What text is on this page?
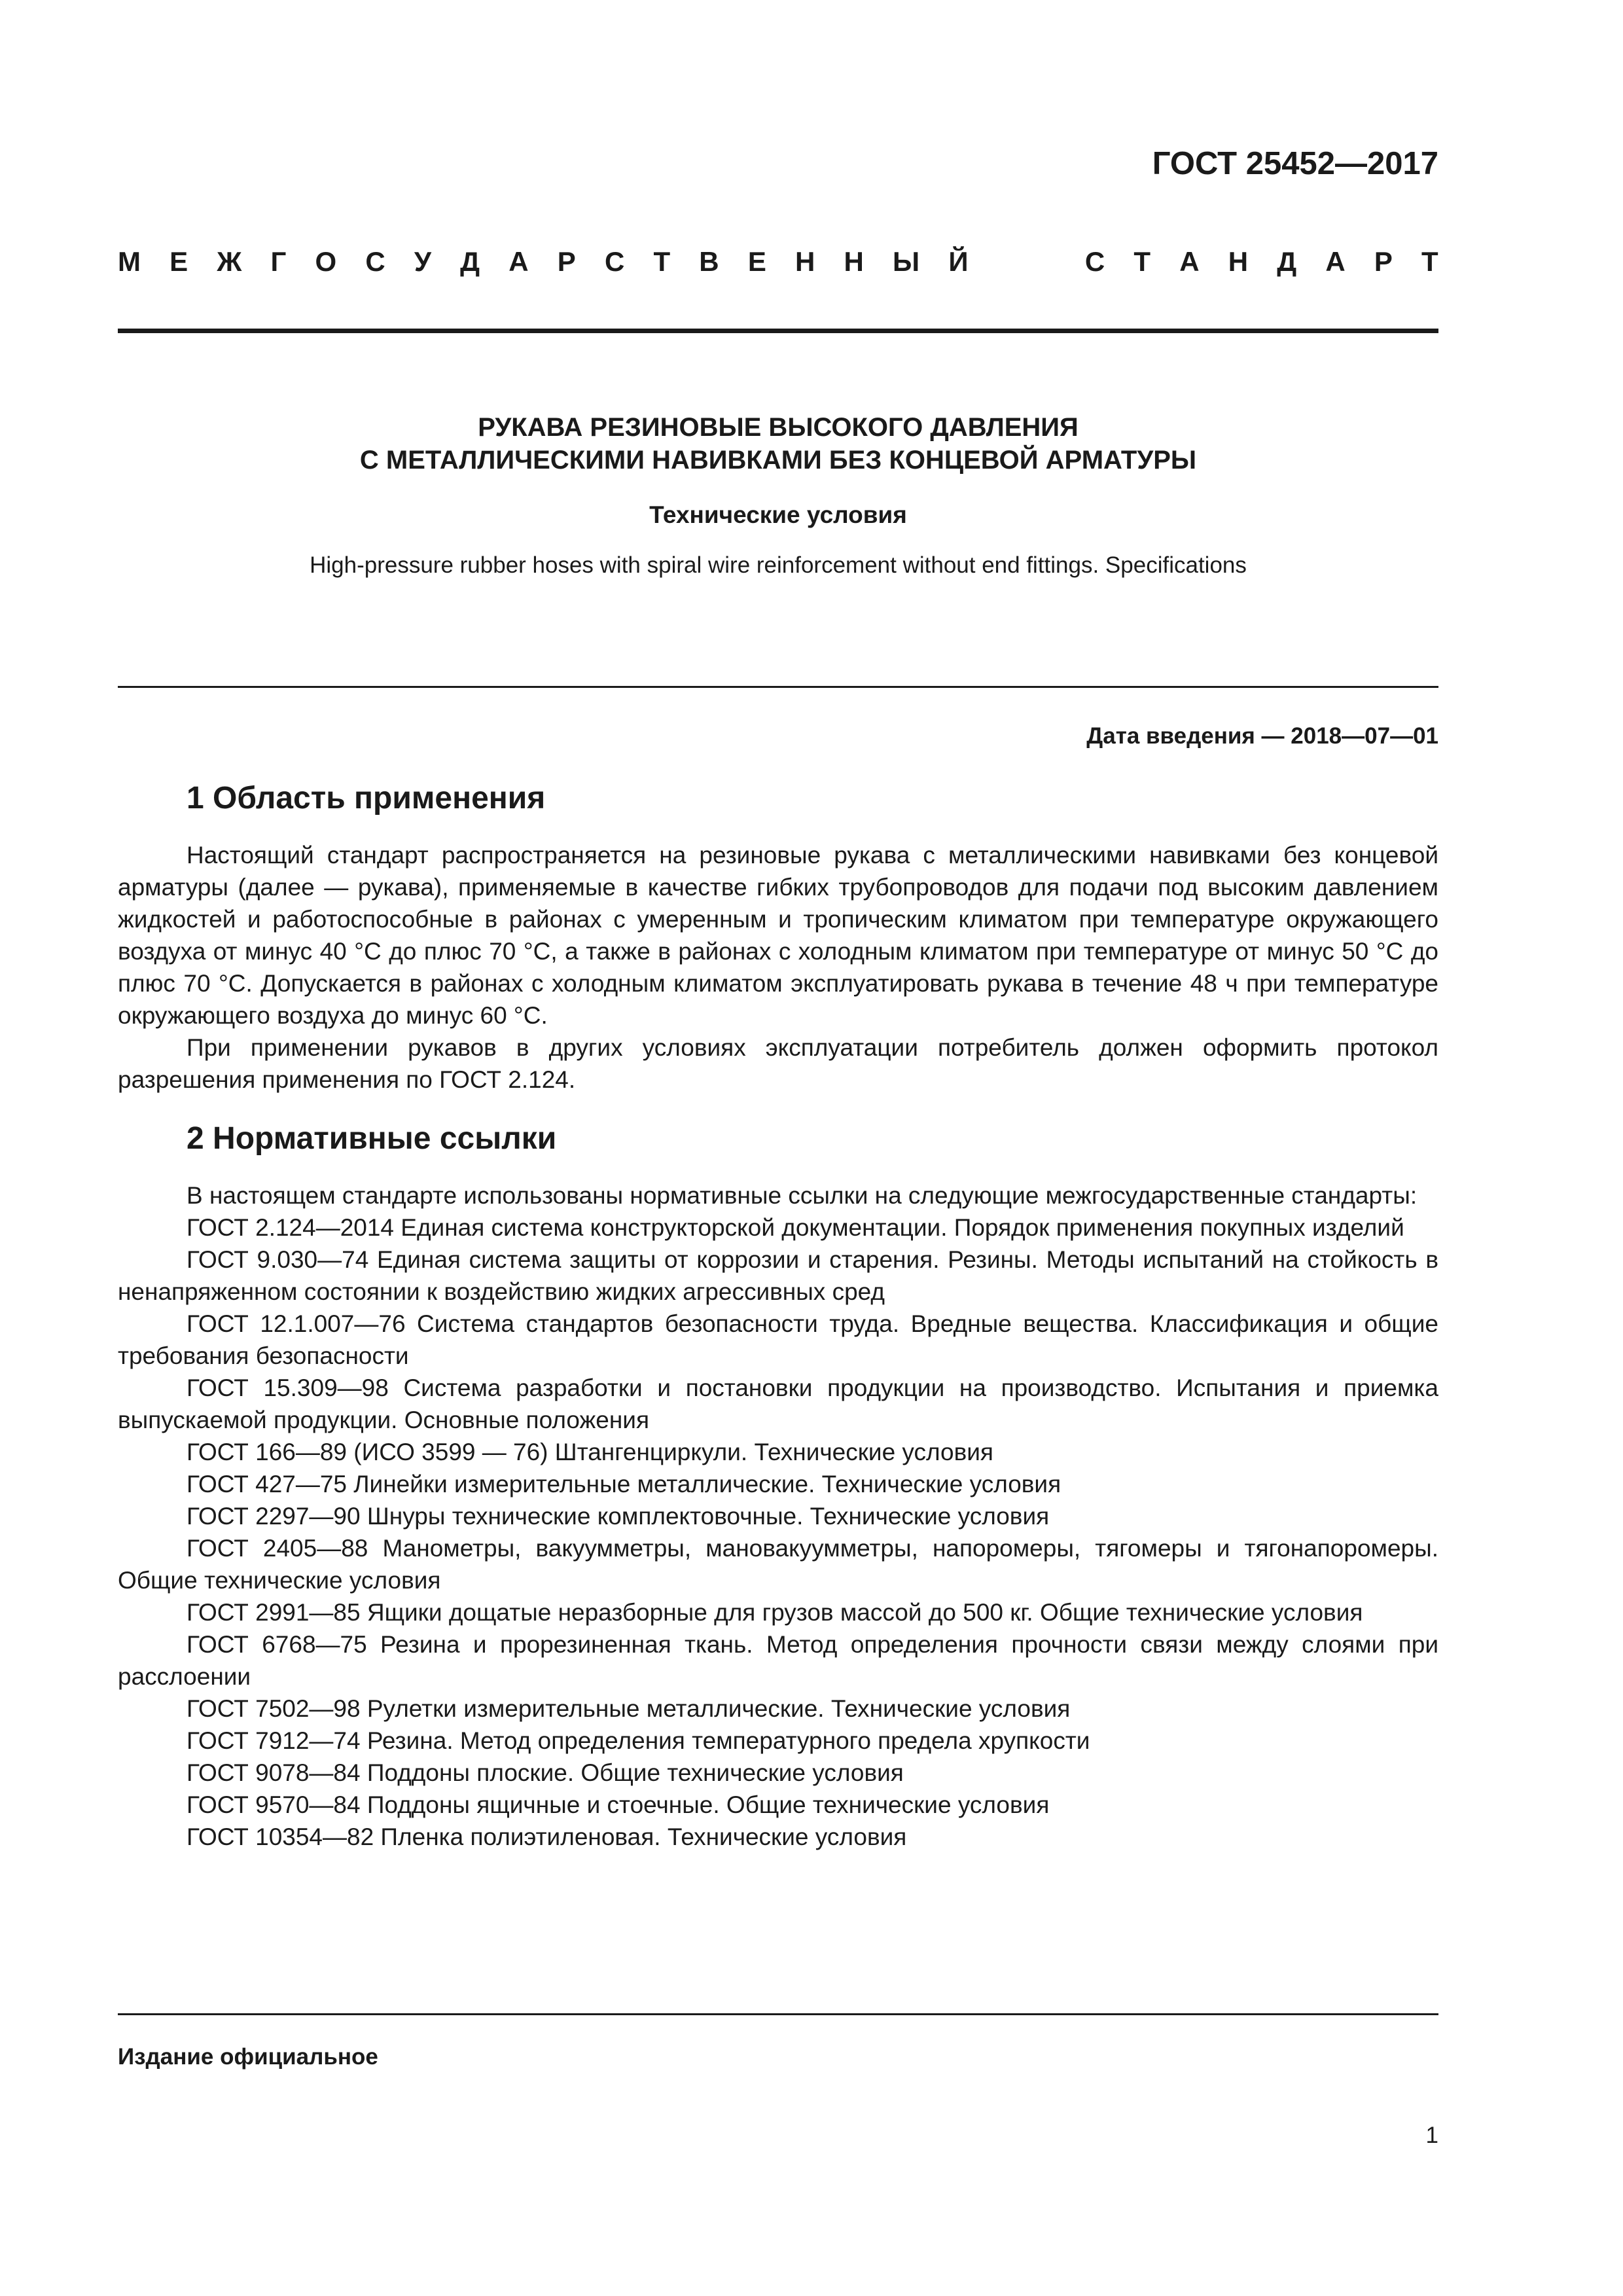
ГОСТ 25452—2017
М Е Ж Г О С У Д А Р С Т В Е Н Н Ы Й	С Т А Н Д А Р Т
РУКАВА РЕЗИНОВЫЕ ВЫСОКОГО ДАВЛЕНИЯ
С МЕТАЛЛИЧЕСКИМИ НАВИВКАМИ БЕЗ КОНЦЕВОЙ АРМАТУРЫ
Технические условия
High-pressure rubber hoses with spiral wire reinforcement without end fittings. Specifications
Дата введения — 2018—07—01
1 Область применения

Настоящий стандарт распространяется на резиновые рукава с металлическими навивками без концевой арматуры (далее — рукава), применяемые в качестве гибких трубопроводов для подачи под высоким давлением жидкостей и работоспособные в районах с умеренным и тропическим климатом при температуре окружающего воздуха от минус 40 °С до плюс 70 °С, а также в районах с холодным климатом при температуре от минус 50 °С до плюс 70 °С. Допускается в районах с холодным климатом эксплуатировать рукава в течение 48 ч при температуре окружающего воздуха до минус 60 °С.

При применении рукавов в других условиях эксплуатации потребитель должен оформить протокол разрешения применения по ГОСТ 2.124.

2 Нормативные ссылки

В настоящем стандарте использованы нормативные ссылки на следующие межгосударственные стандарты:

ГОСТ 2.124—2014 Единая система конструкторской документации. Порядок применения покупных изделий
ГОСТ 9.030—74 Единая система защиты от коррозии и старения. Резины. Методы испытаний на стойкость в ненапряженном состоянии к воздействию жидких агрессивных сред
ГОСТ 12.1.007—76 Система стандартов безопасности труда. Вредные вещества. Классификация и общие требования безопасности
ГОСТ 15.309—98 Система разработки и постановки продукции на производство. Испытания и приемка выпускаемой продукции. Основные положения
ГОСТ 166—89 (ИСО 3599 — 76) Штангенциркули. Технические условия
ГОСТ 427—75 Линейки измерительные металлические. Технические условия
ГОСТ 2297—90 Шнуры технические комплектовочные. Технические условия
ГОСТ 2405—88 Манометры, вакуумметры, мановакуумметры, напоромеры, тягомеры и тягонапоромеры. Общие технические условия
ГОСТ 2991—85 Ящики дощатые неразборные для грузов массой до 500 кг. Общие технические условия
ГОСТ 6768—75 Резина и прорезиненная ткань. Метод определения прочности связи между слоями при расслоении
ГОСТ 7502—98 Рулетки измерительные металлические. Технические условия
ГОСТ 7912—74 Резина. Метод определения температурного предела хрупкости
ГОСТ 9078—84 Поддоны плоские. Общие технические условия
ГОСТ 9570—84 Поддоны ящичные и стоечные. Общие технические условия
ГОСТ 10354—82 Пленка полиэтиленовая. Технические условия
Издание официальное
1
